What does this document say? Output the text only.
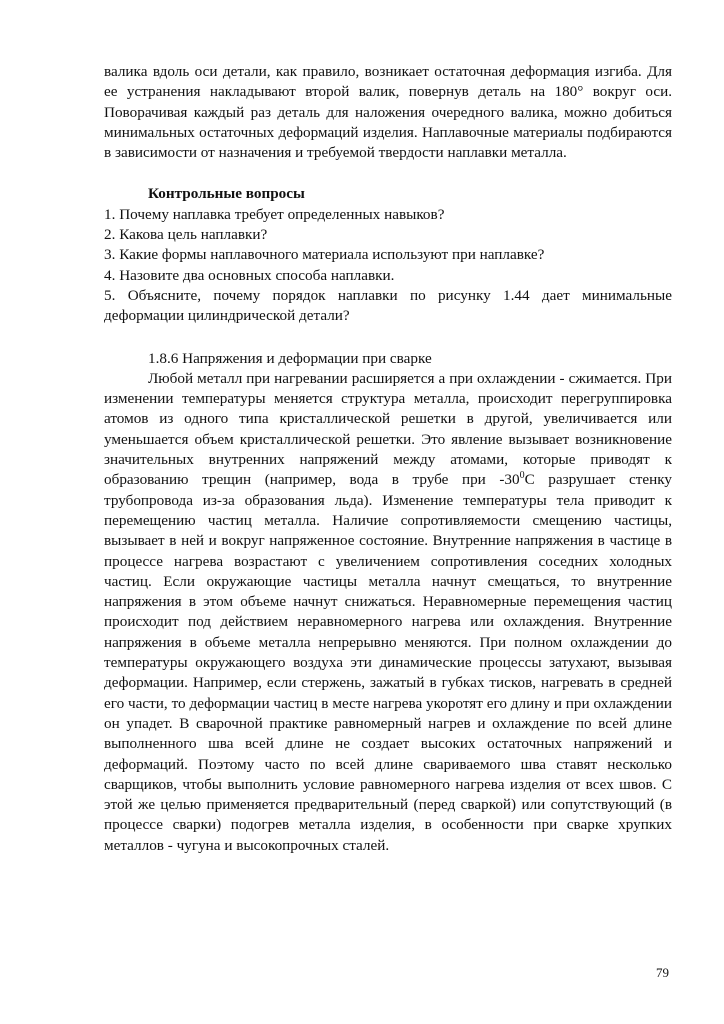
валика вдоль оси детали, как правило, возникает остаточная деформация изгиба. Для ее устранения накладывают второй валик, повернув деталь на 180° вокруг оси. Поворачивая каждый раз деталь для наложения очередного валика, можно добиться минимальных остаточных деформаций изделия. Наплавочные материалы подбираются в зависимости от назначения и требуемой твердости наплавки металла.

Контрольные вопросы

1. Почему наплавка требует определенных навыков?

2. Какова цель наплавки?

3. Какие формы наплавочного материала используют при наплавке?

4. Назовите два основных способа наплавки.

5. Объясните, почему порядок наплавки по рисунку 1.44 дает минимальные деформации цилиндрической детали?

1.8.6 Напряжения и деформации при сварке

Любой металл при нагревании расширяется а при охлаждении - сжимается. При изменении температуры меняется структура металла, происходит перегруппировка атомов из одного типа кристаллической решетки в другой, увеличивается или уменьшается объем кристаллической решетки. Это явление вызывает возникновение значительных внутренних напряжений между атомами, которые приводят к образованию трещин (например, вода в трубе при $-30^0С$ разрушает стенку трубопровода из-за образования льда). Изменение температуры тела приводит к перемещению частиц металла. Наличие сопротивляемости смещению частицы, вызывает в ней и вокруг напряженное состояние. Внутренние напряжения в частице в процессе нагрева возрастают с увеличением сопротивления соседних холодных частиц. Если окружающие частицы металла начнут смещаться, то внутренние напряжения в этом объеме начнут снижаться. Неравномерные перемещения частиц происходит под действием неравномерного нагрева или охлаждения. Внутренние напряжения в объеме металла непрерывно меняются. При полном охлаждении до температуры окружающего воздуха эти динамические процессы затухают, вызывая деформации. Например, если стержень, зажатый в губках тисков, нагревать в средней его части, то деформации частиц в месте нагрева укоротят его длину и при охлаждении он упадет. В сварочной практике равномерный нагрев и охлаждение по всей длине выполненного шва всей длине не создает высоких остаточных напряжений и деформаций. Поэтому часто по всей длине свариваемого шва ставят несколько сварщиков, чтобы выполнить условие равномерного нагрева изделия от всех швов. С этой же целью применяется предварительный (перед сваркой) или сопутствующий (в процессе сварки) подогрев металла изделия, в особенности при сварке хрупких металлов - чугуна и высокопрочных сталей.

79
